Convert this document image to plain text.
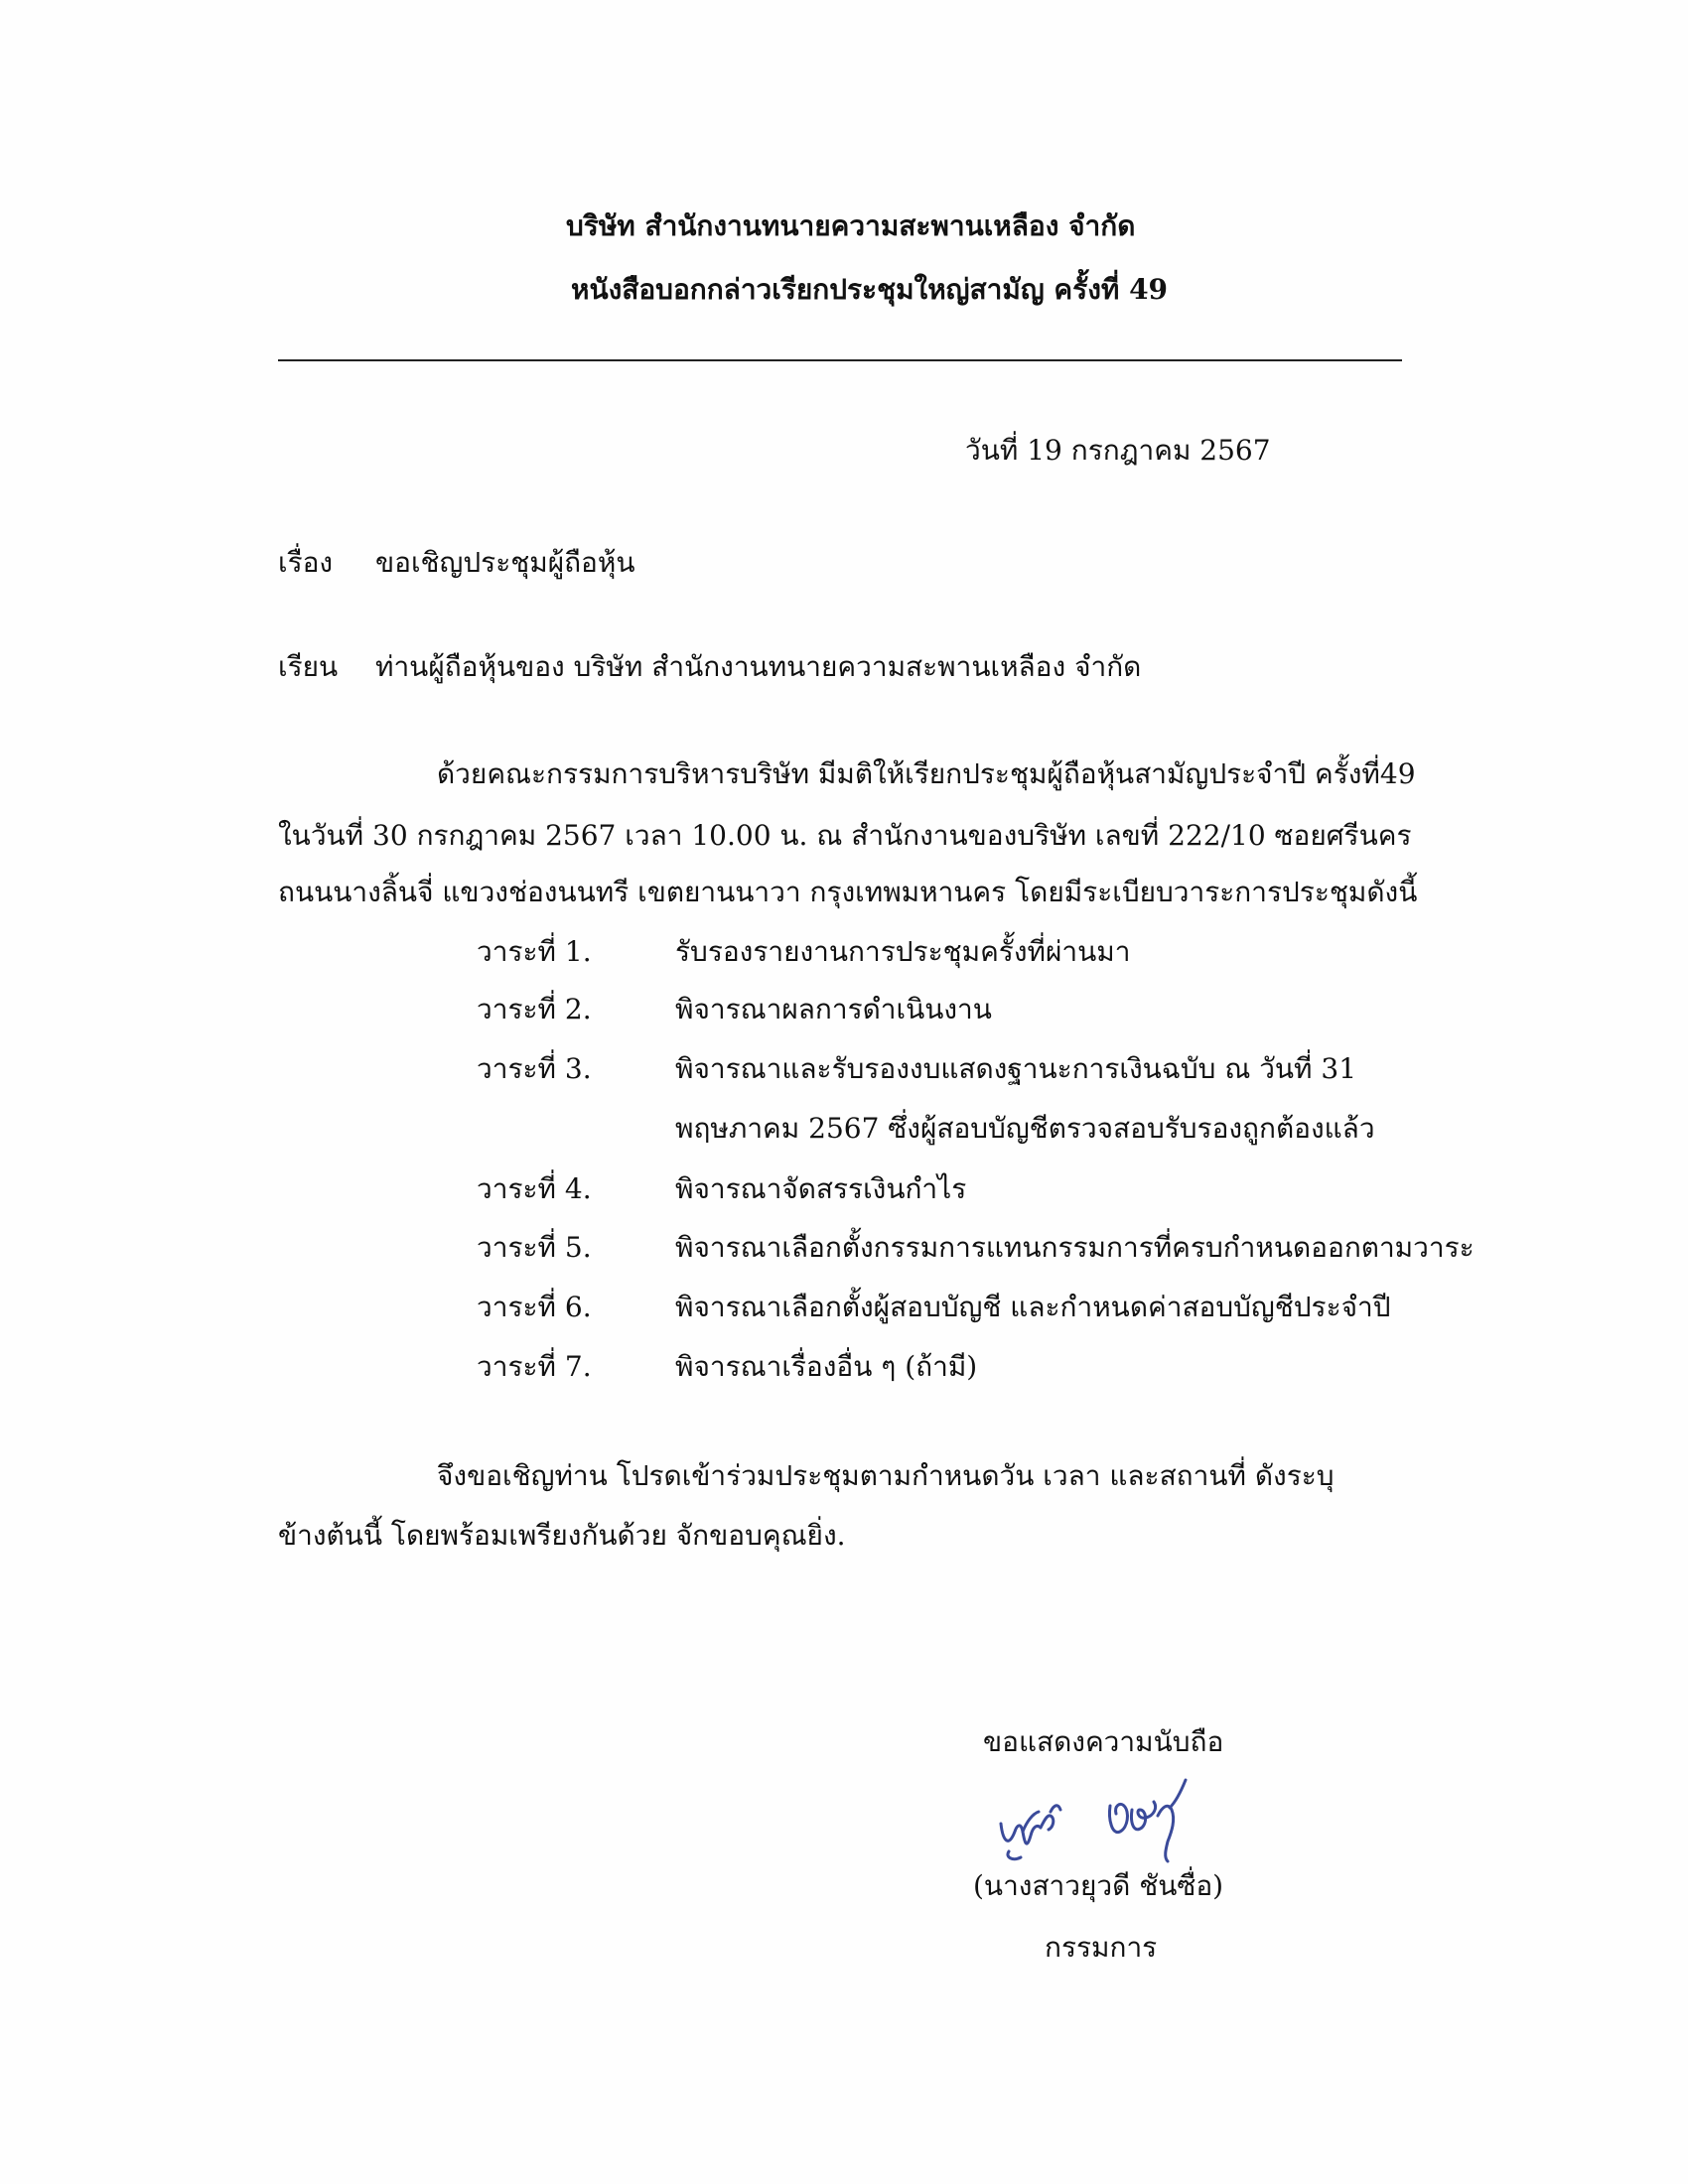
บริษัท สำนักงานทนายความสะพานเหลือง จำกัด
หนังสือบอกกล่าวเรียกประชุมใหญ่สามัญ ครั้งที่ 49
วันที่ 19 กรกฎาคม 2567
เรื่อง ขอเชิญประชุมผู้ถือหุ้น
เรียน ท่านผู้ถือหุ้นของ บริษัท สำนักงานทนายความสะพานเหลือง จำกัด
ด้วยคณะกรรมการบริหารบริษัท มีมติให้เรียกประชุมผู้ถือหุ้นสามัญประจำปี ครั้งที่49
ในวันที่ 30 กรกฎาคม 2567 เวลา 10.00 น. ณ สำนักงานของบริษัท เลขที่ 222/10 ซอยศรีนคร
ถนนนางลิ้นจี่ แขวงช่องนนทรี เขตยานนาวา กรุงเทพมหานคร โดยมีระเบียบวาระการประชุมดังนี้
วาระที่ 1.	รับรองรายงานการประชุมครั้งที่ผ่านมา
วาระที่ 2.	พิจารณาผลการดำเนินงาน
วาระที่ 3.	พิจารณาและรับรองงบแสดงฐานะการเงินฉบับ ณ วันที่ 31
พฤษภาคม 2567 ซึ่งผู้สอบบัญชีตรวจสอบรับรองถูกต้องแล้ว
วาระที่ 4.	พิจารณาจัดสรรเงินกำไร
วาระที่ 5.	พิจารณาเลือกตั้งกรรมการแทนกรรมการที่ครบกำหนดออกตามวาระ
วาระที่ 6.	พิจารณาเลือกตั้งผู้สอบบัญชี และกำหนดค่าสอบบัญชีประจำปี
วาระที่ 7.	พิจารณาเรื่องอื่น ๆ (ถ้ามี)
จึงขอเชิญท่าน โปรดเข้าร่วมประชุมตามกำหนดวัน เวลา และสถานที่ ดังระบุ
ข้างต้นนี้ โดยพร้อมเพรียงกันด้วย จักขอบคุณยิ่ง.
ขอแสดงความนับถือ
(นางสาวยุวดี ชันซื่อ)
กรรมการ
